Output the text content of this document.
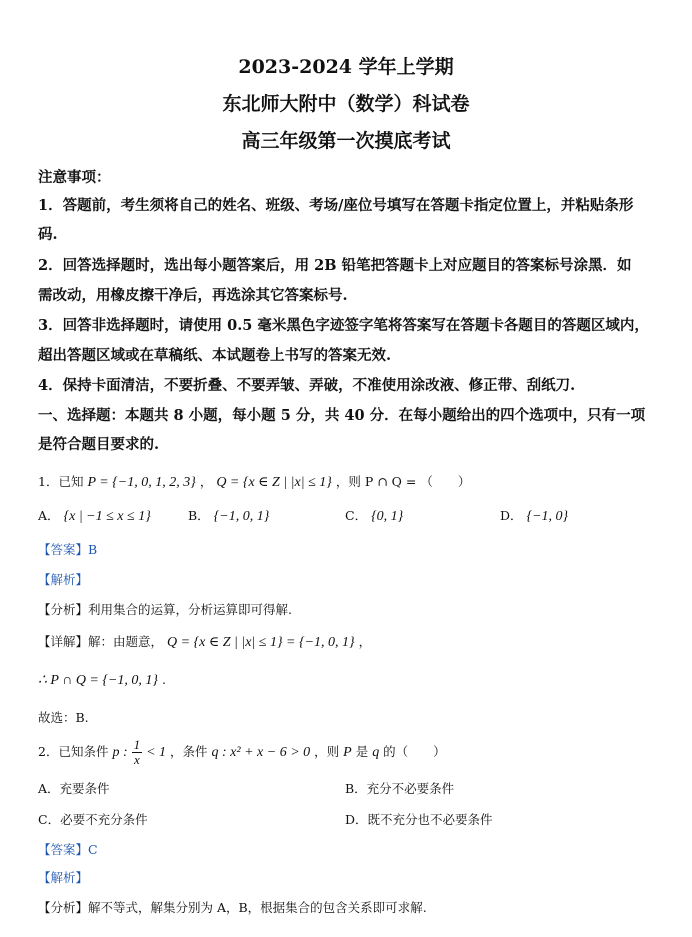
2023-2024 学年上学期
东北师大附中（数学）科试卷
高三年级第一次摸底考试
注意事项：
1．答题前，考生须将自己的姓名、班级、考场/座位号填写在答题卡指定位置上，并粘贴条形
码.
2．回答选择题时，选出每小题答案后，用 2B 铅笔把答题卡上对应题目的答案标号涂黑．如
需改动，用橡皮擦干净后，再选涂其它答案标号.
3．回答非选择题时，请使用 0.5 毫米黑色字迹签字笔将答案写在答题卡各题目的答题区域内，
超出答题区域或在草稿纸、本试题卷上书写的答案无效.
4．保持卡面清洁，不要折叠、不要弄皱、弄破，不准使用涂改液、修正带、刮纸刀.
一、选择题：本题共 8 小题，每小题 5 分，共 40 分．在每小题给出的四个选项中，只有一项
是符合题目要求的.
1．已知 P = {−1, 0, 1, 2, 3} ， Q = {x ∈ Z | |x| ≤ 1} ，则 P ∩ Q = （　　）
A． {x | −1 ≤ x ≤ 1}	B． {−1, 0, 1}	C． {0, 1}	D． {−1, 0}
【答案】B
【解析】
【分析】利用集合的运算，分析运算即可得解.
【详解】解：由题意， Q = {x ∈ Z | |x| ≤ 1} = {−1, 0, 1} ，
∴ P ∩ Q = {−1, 0, 1} .
故选：B.
2．已知条件 p : $\frac{1}{x} < 1$ ，条件 q : x² + x − 6 > 0 ，则 P 是 q 的（　　）
A．充要条件	B．充分不必要条件
C．必要不充分条件	D．既不充分也不必要条件
【答案】C
【解析】
【分析】解不等式，解集分别为 A，B，根据集合的包含关系即可求解.
